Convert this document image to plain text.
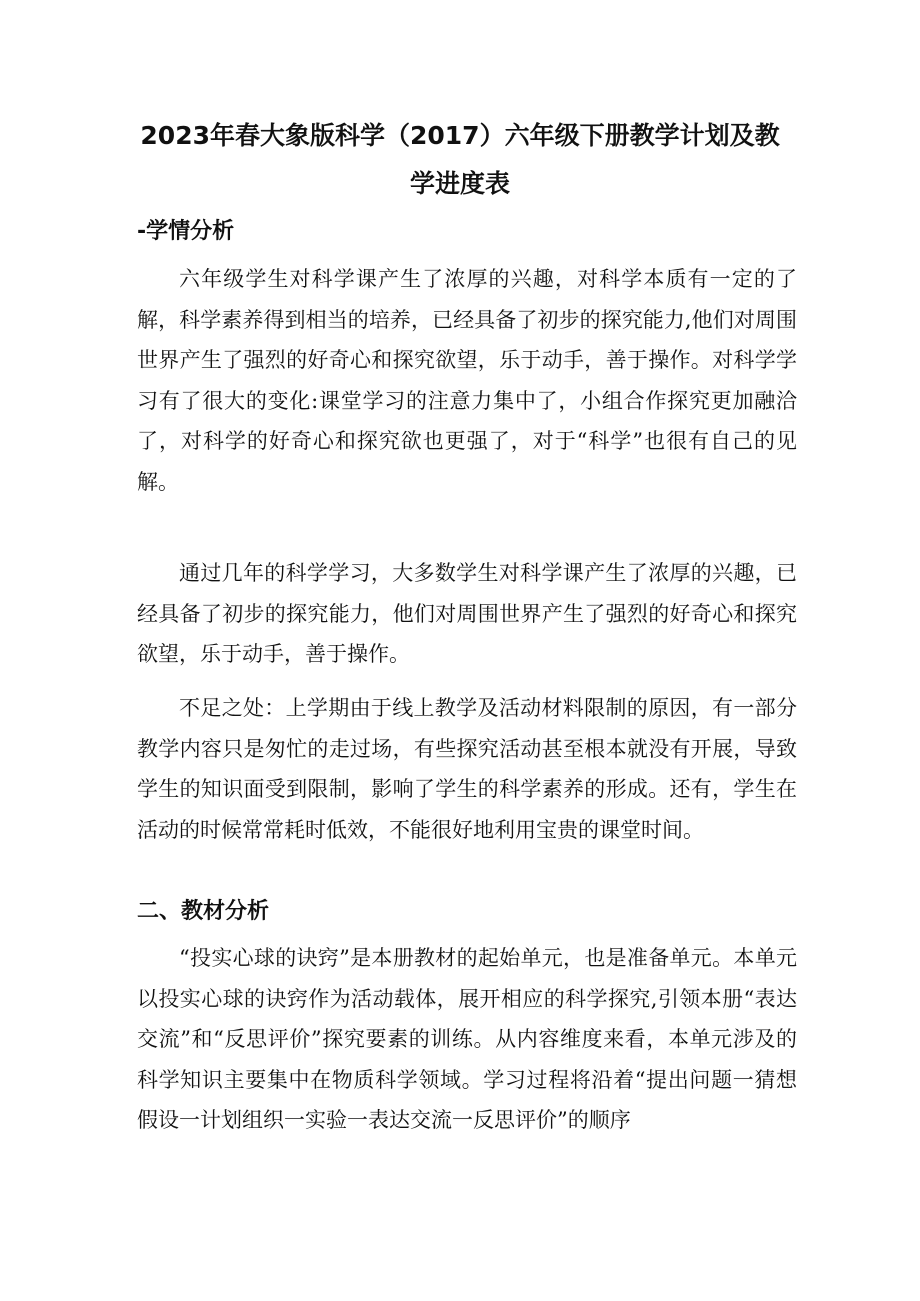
2023年春大象版科学（2017）六年级下册教学计划及教学进度表
-学情分析

六年级学生对科学课产生了浓厚的兴趣，对科学本质有一定的了解，科学素养得到相当的培养，已经具备了初步的探究能力,他们对周围世界产生了强烈的好奇心和探究欲望，乐于动手，善于操作。对科学学习有了很大的变化:课堂学习的注意力集中了，小组合作探究更加融洽了，对科学的好奇心和探究欲也更强了，对于“科学”也很有自己的见解。

通过几年的科学学习，大多数学生对科学课产生了浓厚的兴趣，已经具备了初步的探究能力，他们对周围世界产生了强烈的好奇心和探究欲望，乐于动手，善于操作。

不足之处：上学期由于线上教学及活动材料限制的原因，有一部分教学内容只是匆忙的走过场，有些探究活动甚至根本就没有开展，导致学生的知识面受到限制，影响了学生的科学素养的形成。还有，学生在活动的时候常常耗时低效，不能很好地利用宝贵的课堂时间。

二、教材分析

“投实心球的诀窍”是本册教材的起始单元，也是准备单元。本单元以投实心球的诀窍作为活动载体，展开相应的科学探究,引领本册“表达交流”和“反思评价”探究要素的训练。从内容维度来看，本单元涉及的科学知识主要集中在物质科学领域。学习过程将沿着“提出问题一猜想假设一计划组织一实验一表达交流一反思评价”的顺序
